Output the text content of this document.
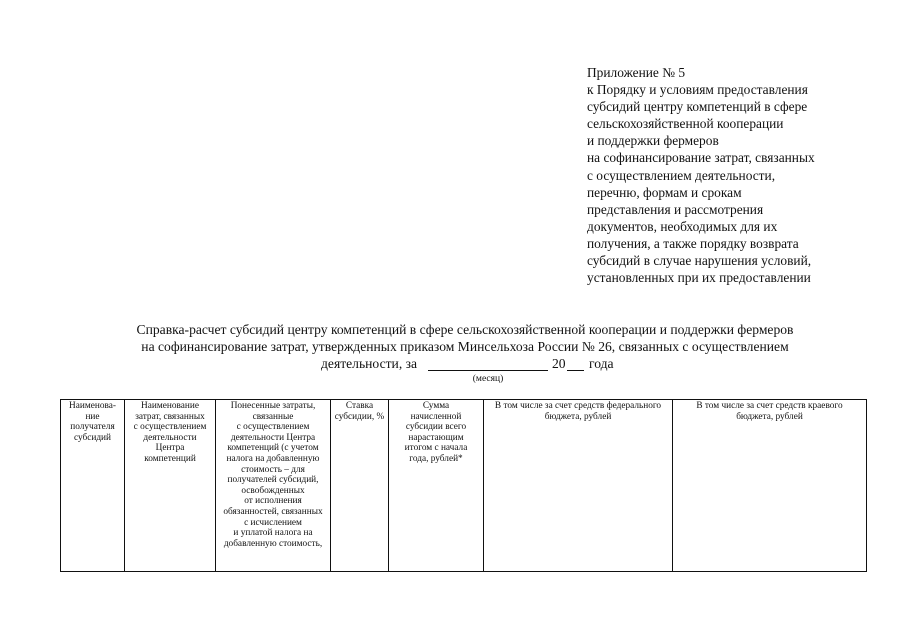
Приложение № 5
к Порядку и условиям предоставления
субсидий центру компетенций в сфере
сельскохозяйственной кооперации
и поддержки фермеров
на софинансирование затрат, связанных
с осуществлением деятельности,
перечню, формам и срокам
представления и рассмотрения
документов, необходимых для их
получения, а также порядку возврата
субсидий в случае нарушения условий,
установленных при их предоставлении
Справка-расчет субсидий центру компетенций в сфере сельскохозяйственной кооперации и поддержки фермеров
на софинансирование затрат, утвержденных приказом Минсельхоза России № 26, связанных с осуществлением
деятельности, за	20 года
(месяц)
Наименова-
ние
получателя
субсидий	Наименование
затрат, связанных
с осуществлением
деятельности
Центра
компетенций	Понесенные затраты,
связанные
с осуществлением
деятельности Центра
компетенций (с учетом
налога на добавленную
стоимость – для
получателей субсидий,
освобожденных
от исполнения
обязанностей, связанных
с исчислением
и уплатой налога на
добавленную стоимость,	Ставка
субсидии, %	Сумма
начисленной
субсидии всего
нарастающим
итогом с начала
года, рублей*	В том числе за счет средств федерального
бюджета, рублей	В том числе за счет средств краевого
бюджета, рублей
